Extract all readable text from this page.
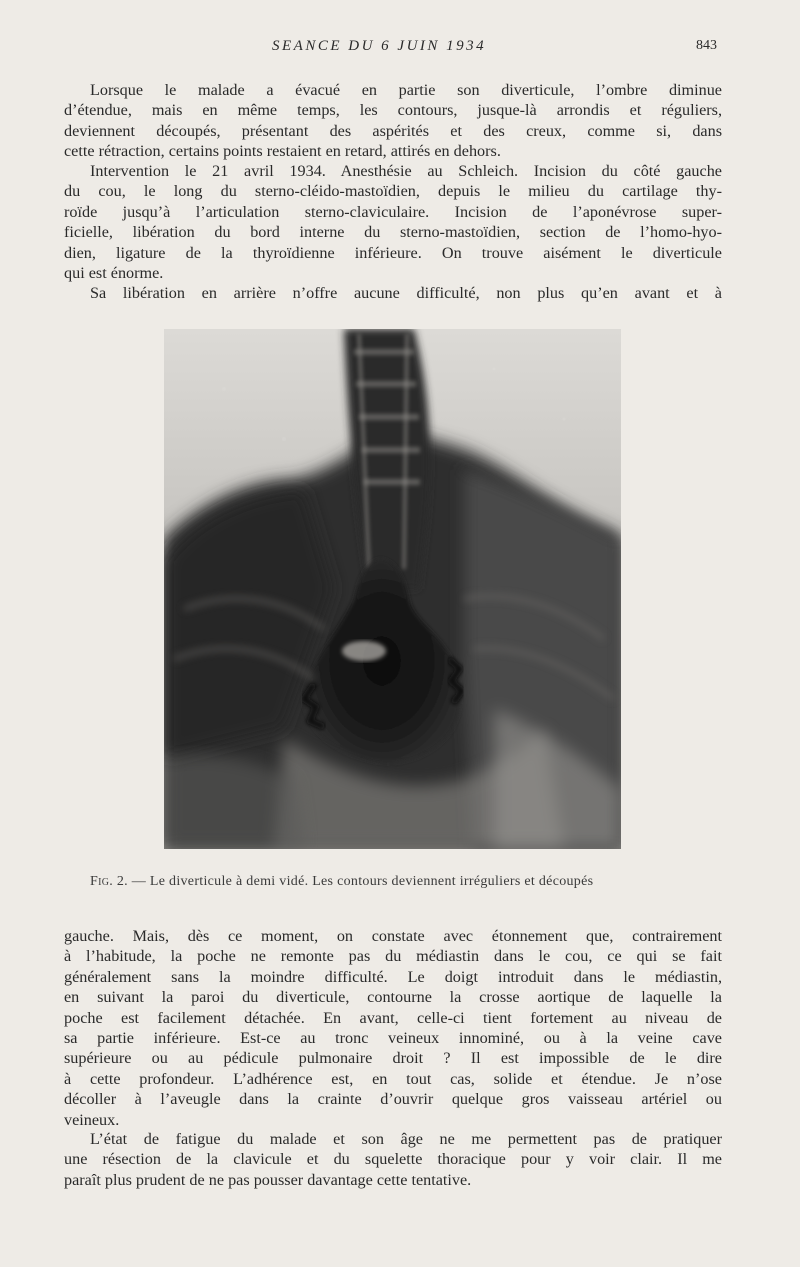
SEANCE DU 6 JUIN 1934	843
Lorsque le malade a évacué en partie son diverticule, l’ombre diminue
d’étendue, mais en même temps, les contours, jusque-là arrondis et réguliers,
deviennent découpés, présentant des aspérités et des creux, comme si, dans
cette rétraction, certains points restaient en retard, attirés en dehors.
Intervention le 21 avril 1934. Anesthésie au Schleich. Incision du côté gauche
du cou, le long du sterno-cléido-mastoïdien, depuis le milieu du cartilage thy-
roïde jusqu’à l’articulation sterno-claviculaire. Incision de l’aponévrose super-
ficielle, libération du bord interne du sterno-mastoïdien, section de l’homo-hyo-
dien, ligature de la thyroïdienne inférieure. On trouve aisément le diverticule
qui est énorme.
Sa libération en arrière n’offre aucune difficulté, non plus qu’en avant et à
Fig. 2. — Le diverticule à demi vidé. Les contours deviennent irréguliers et découpés
gauche. Mais, dès ce moment, on constate avec étonnement que, contrairement
à l’habitude, la poche ne remonte pas du médiastin dans le cou, ce qui se fait
généralement sans la moindre difficulté. Le doigt introduit dans le médiastin,
en suivant la paroi du diverticule, contourne la crosse aortique de laquelle la
poche est facilement détachée. En avant, celle-ci tient fortement au niveau de
sa partie inférieure. Est-ce au tronc veineux innominé, ou à la veine cave
supérieure ou au pédicule pulmonaire droit ? Il est impossible de le dire
à cette profondeur. L’adhérence est, en tout cas, solide et étendue. Je n’ose
décoller à l’aveugle dans la crainte d’ouvrir quelque gros vaisseau artériel ou
veineux.
L’état de fatigue du malade et son âge ne me permettent pas de pratiquer
une résection de la clavicule et du squelette thoracique pour y voir clair. Il me
paraît plus prudent de ne pas pousser davantage cette tentative.
